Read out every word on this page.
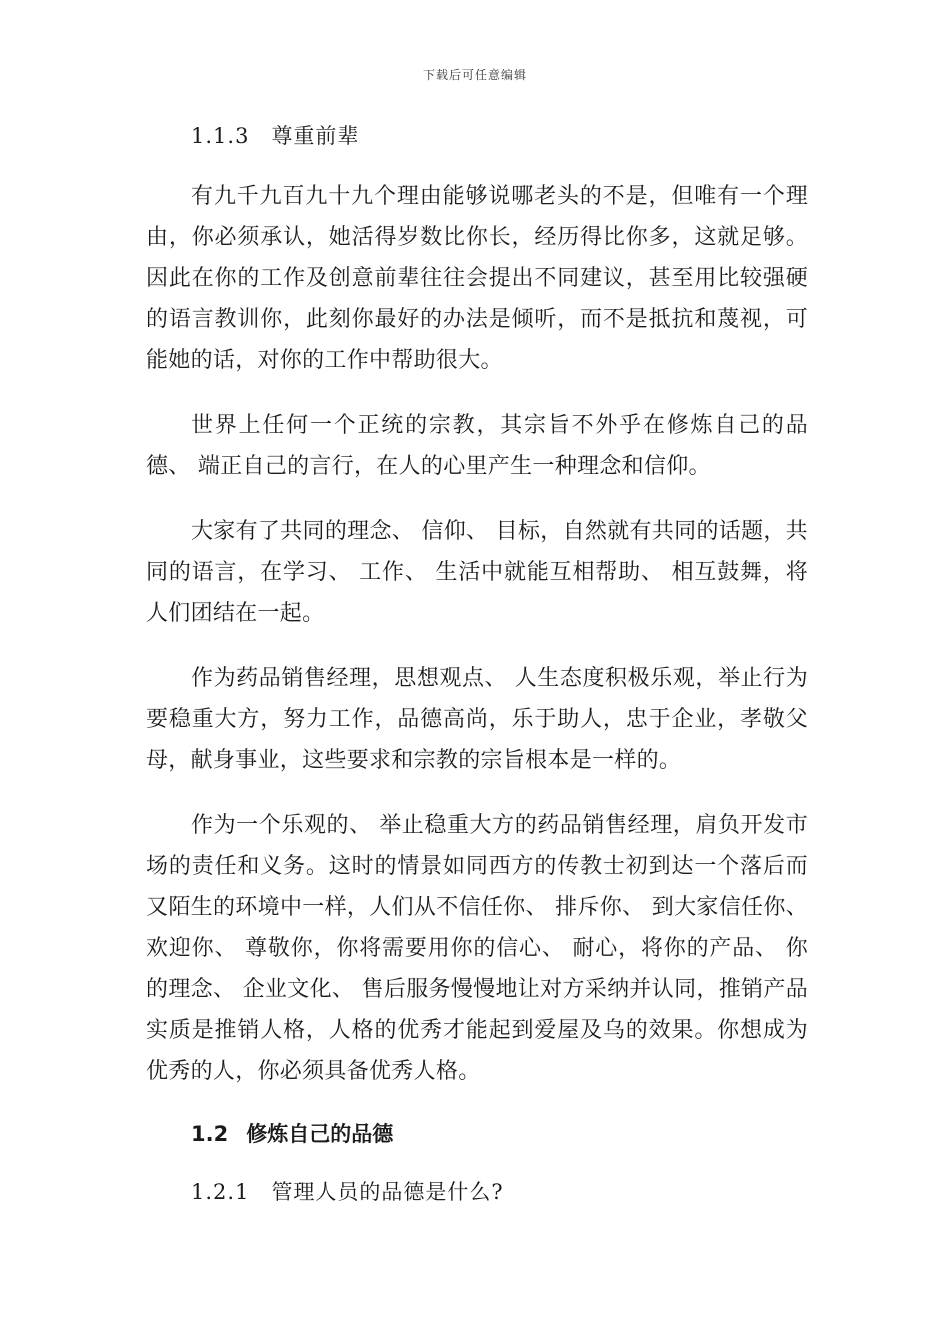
下载后可任意编辑
1.1.3 尊重前辈

有九千九百九十九个理由能够说哪老头的不是，但唯有一个理由，你必须承认，她活得岁数比你长，经历得比你多，这就足够。因此在你的工作及创意前辈往往会提出不同建议，甚至用比较强硬的语言教训你，此刻你最好的办法是倾听，而不是抵抗和蔑视，可能她的话，对你的工作中帮助很大。

世界上任何一个正统的宗教，其宗旨不外乎在修炼自己的品德、 端正自己的言行，在人的心里产生一种理念和信仰。

大家有了共同的理念、 信仰、 目标，自然就有共同的话题，共同的语言，在学习、 工作、 生活中就能互相帮助、 相互鼓舞，将人们团结在一起。

作为药品销售经理，思想观点、 人生态度积极乐观，举止行为要稳重大方，努力工作，品德高尚，乐于助人，忠于企业，孝敬父母，献身事业，这些要求和宗教的宗旨根本是一样的。

作为一个乐观的、 举止稳重大方的药品销售经理，肩负开发市场的责任和义务。这时的情景如同西方的传教士初到达一个落后而又陌生的环境中一样，人们从不信任你、 排斥你、 到大家信任你、 欢迎你、 尊敬你，你将需要用你的信心、 耐心，将你的产品、 你的理念、 企业文化、 售后服务慢慢地让对方采纳并认同，推销产品实质是推销人格，人格的优秀才能起到爱屋及乌的效果。你想成为优秀的人，你必须具备优秀人格。

1.2 修炼自己的品德
1.2.1 管理人员的品德是什么?
